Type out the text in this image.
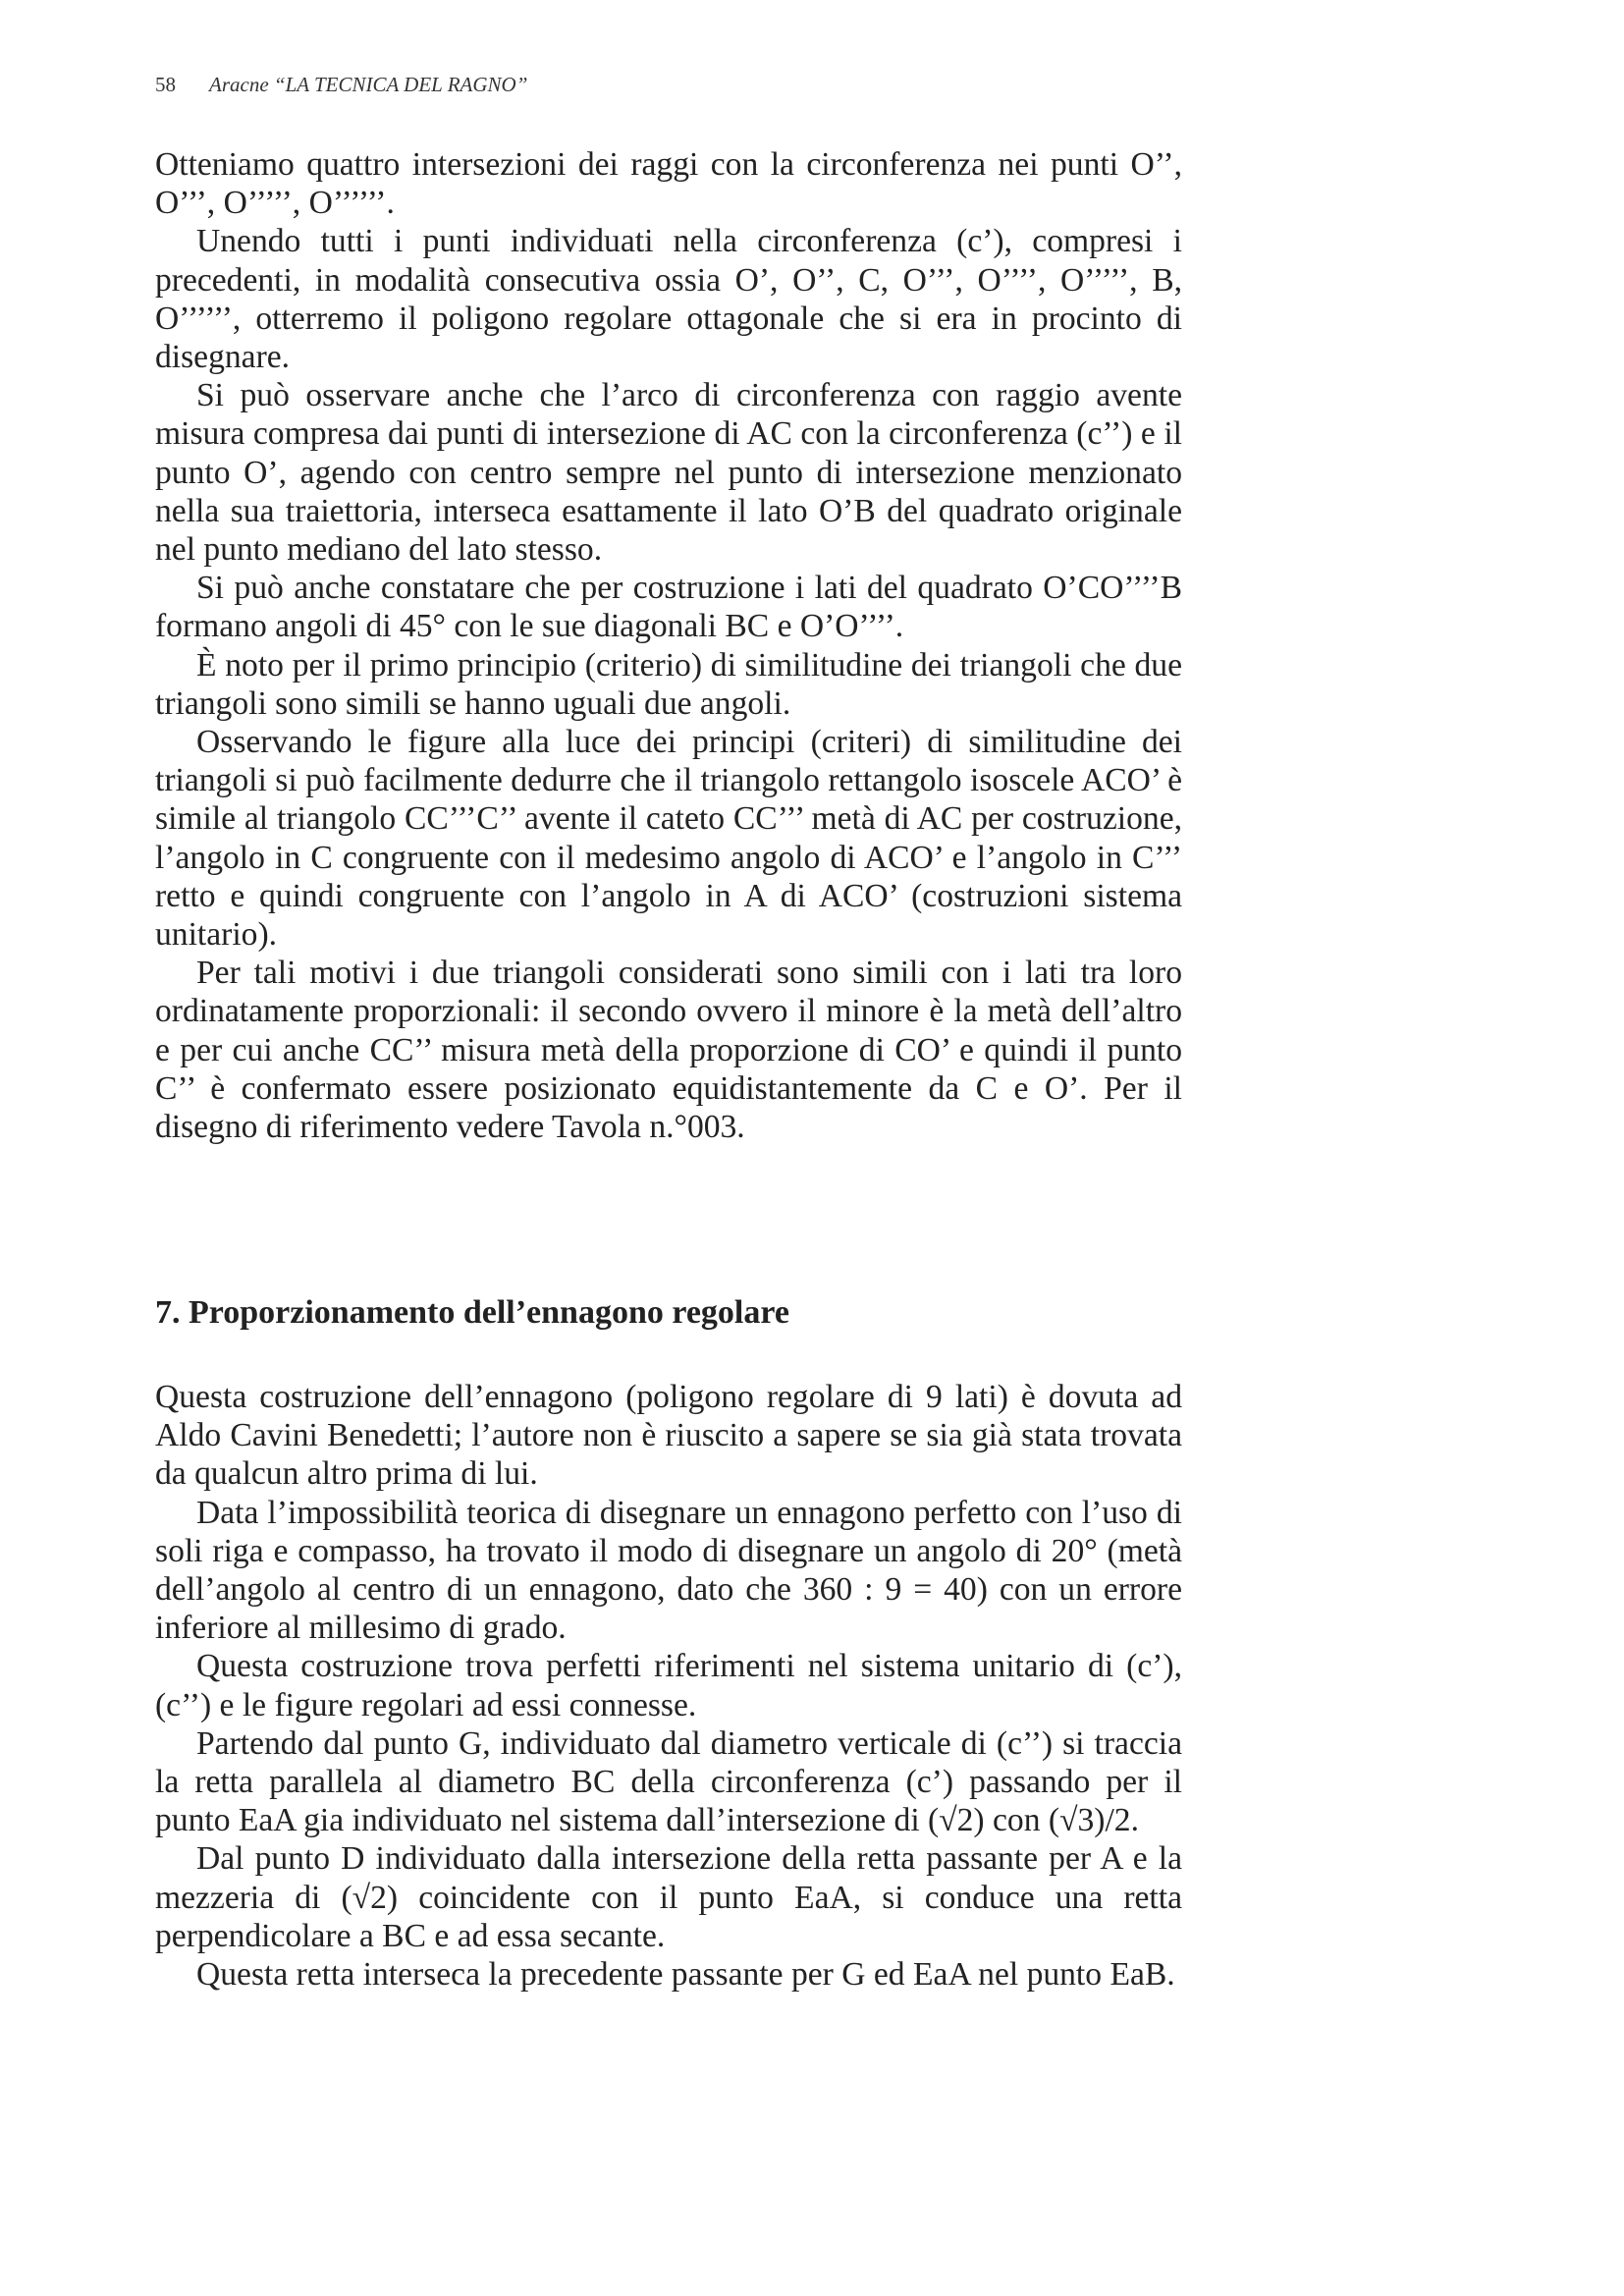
58 Aracne “LA TECNICA DEL RAGNO”

Otteniamo quattro intersezioni dei raggi con la circonferenza nei punti O’’, O’’’, O’’’’’, O’’’’’’.

Unendo tutti i punti individuati nella circonferenza (c’), compresi i precedenti, in modalità consecutiva ossia O’, O’’, C, O’’’, O’’’’, O’’’’’, B, O’’’’’’, otterremo il poligono regolare ottagonale che si era in procinto di disegnare.

Si può osservare anche che l’arco di circonferenza con raggio avente misura compresa dai punti di intersezione di AC con la circonferenza (c’’) e il punto O’, agendo con centro sempre nel punto di intersezione menzionato nella sua traiettoria, interseca esattamente il lato O’B del quadrato originale nel punto mediano del lato stesso.

Si può anche constatare che per costruzione i lati del quadrato O’CO’’’’B formano angoli di 45° con le sue diagonali BC e O’O’’’’.

È noto per il primo principio (criterio) di similitudine dei triangoli che due triangoli sono simili se hanno uguali due angoli.

Osservando le figure alla luce dei principi (criteri) di similitudine dei triangoli si può facilmente dedurre che il triangolo rettangolo isoscele ACO’ è simile al triangolo CC’’’C’’ avente il cateto CC’’’ metà di AC per costruzione, l’angolo in C congruente con il medesimo angolo di ACO’ e l’angolo in C’’’ retto e quindi congruente con l’angolo in A di ACO’ (costruzioni sistema unitario).

Per tali motivi i due triangoli considerati sono simili con i lati tra loro ordinatamente proporzionali: il secondo ovvero il minore è la metà dell’altro e per cui anche CC’’ misura metà della proporzione di CO’ e quindi il punto C’’ è confermato essere posizionato equidistantemente da C e O’. Per il disegno di riferimento vedere Tavola n.°003.

7. Proporzionamento dell’ennagono regolare

Questa costruzione dell’ennagono (poligono regolare di 9 lati) è dovuta ad Aldo Cavini Benedetti; l’autore non è riuscito a sapere se sia già stata trovata da qualcun altro prima di lui.

Data l’impossibilità teorica di disegnare un ennagono perfetto con l’uso di soli riga e compasso, ha trovato il modo di disegnare un angolo di 20° (metà dell’angolo al centro di un ennagono, dato che 360 : 9 = 40) con un errore inferiore al millesimo di grado.

Questa costruzione trova perfetti riferimenti nel sistema unitario di (c’), (c’’) e le figure regolari ad essi connesse.

Partendo dal punto G, individuato dal diametro verticale di (c’’) si traccia la retta parallela al diametro BC della circonferenza (c’) passando per il punto EaA gia individuato nel sistema dall’intersezione di (√2) con (√3)/2.

Dal punto D individuato dalla intersezione della retta passante per A e la mezzeria di (√2) coincidente con il punto EaA, si conduce una retta perpendicolare a BC e ad essa secante.

Questa retta interseca la precedente passante per G ed EaA nel punto EaB.
